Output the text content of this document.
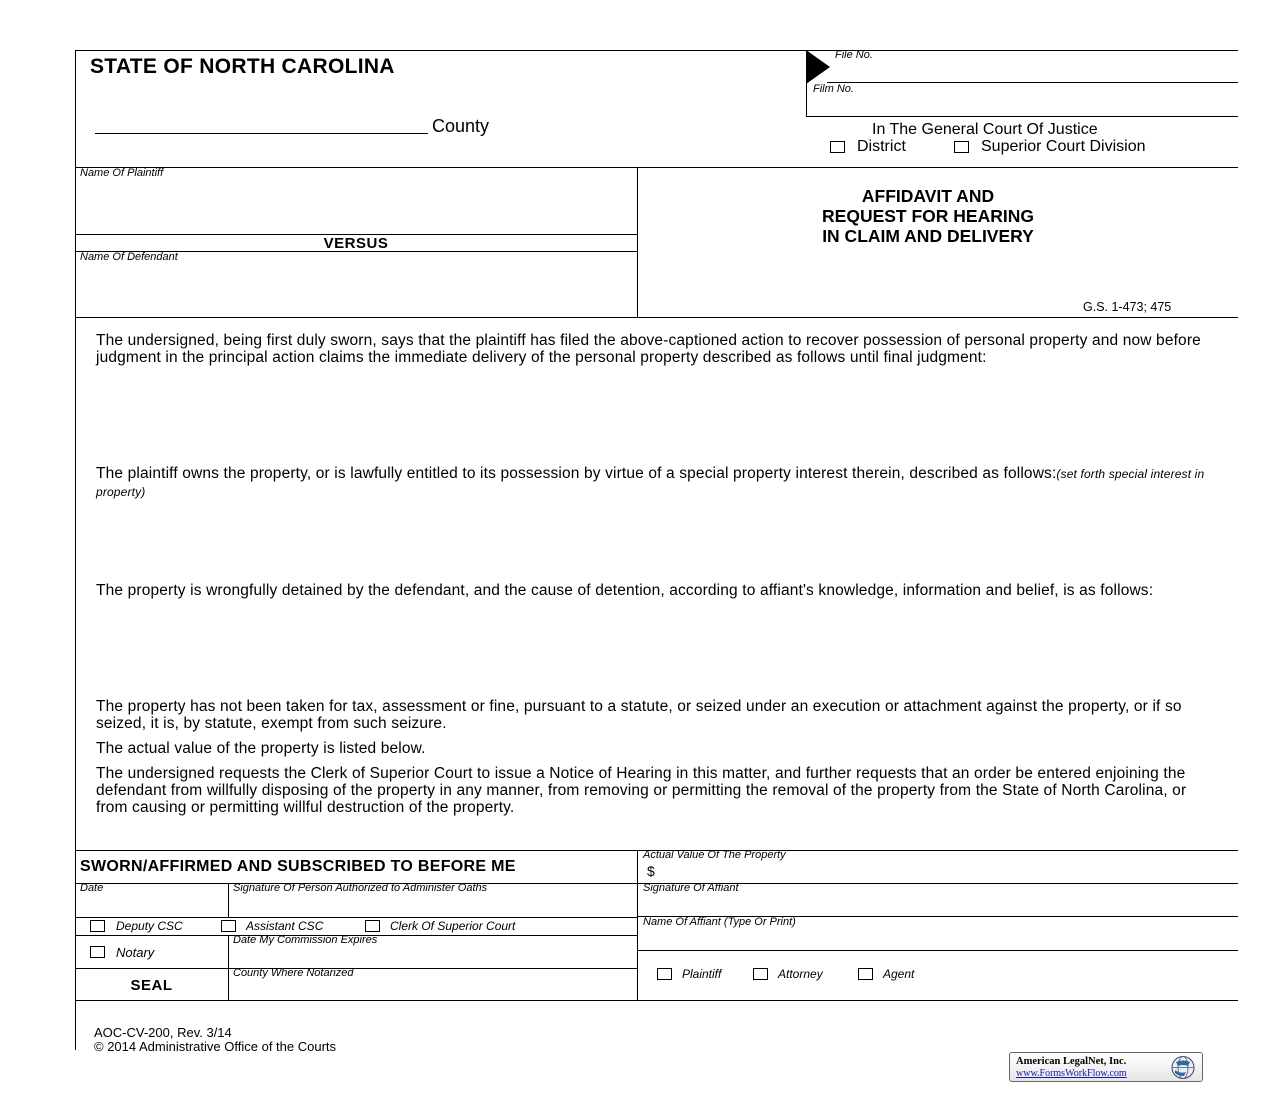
STATE OF NORTH CAROLINA
County
File No.
Film No.
In The General Court Of Justice
District	Superior Court Division
Name Of Plaintiff
VERSUS
Name Of Defendant
AFFIDAVIT AND
REQUEST FOR HEARING
IN CLAIM AND DELIVERY
G.S. 1-473; 475
The undersigned, being first duly sworn, says that the plaintiff has filed the above-captioned action to recover possession of personal property and now before judgment in the principal action claims the immediate delivery of the personal property described as follows until final judgment:
The plaintiff owns the property, or is lawfully entitled to its possession by virtue of a special property interest therein, described as follows:(set forth special interest in property)
The property is wrongfully detained by the defendant, and the cause of detention, according to affiant's knowledge, information and belief, is as follows:
The property has not been taken for tax, assessment or fine, pursuant to a statute, or seized under an execution or attachment against the property, or if so seized, it is, by statute, exempt from such seizure.
The actual value of the property is listed below.
The undersigned requests the Clerk of Superior Court to issue a Notice of Hearing in this matter, and further requests that an order be entered enjoining the defendant from willfully disposing of the property in any manner, from removing or permitting the removal of the property from the State of North Carolina, or from causing or permitting willful destruction of the property.
SWORN/AFFIRMED AND SUBSCRIBED TO BEFORE ME
Date	Signature Of Person Authorized to Administer Oaths
Deputy CSC	Assistant CSC	Clerk Of Superior Court
Notary
Date My Commission Expires
SEAL
County Where Notarized
Actual Value Of The Property
$
Signature Of Affiant
Name Of Affiant (Type Or Print)
Plaintiff	Attorney	Agent
AOC-CV-200, Rev. 3/14
© 2014 Administrative Office of the Courts
American LegalNet, Inc.
www.FormsWorkFlow.com
